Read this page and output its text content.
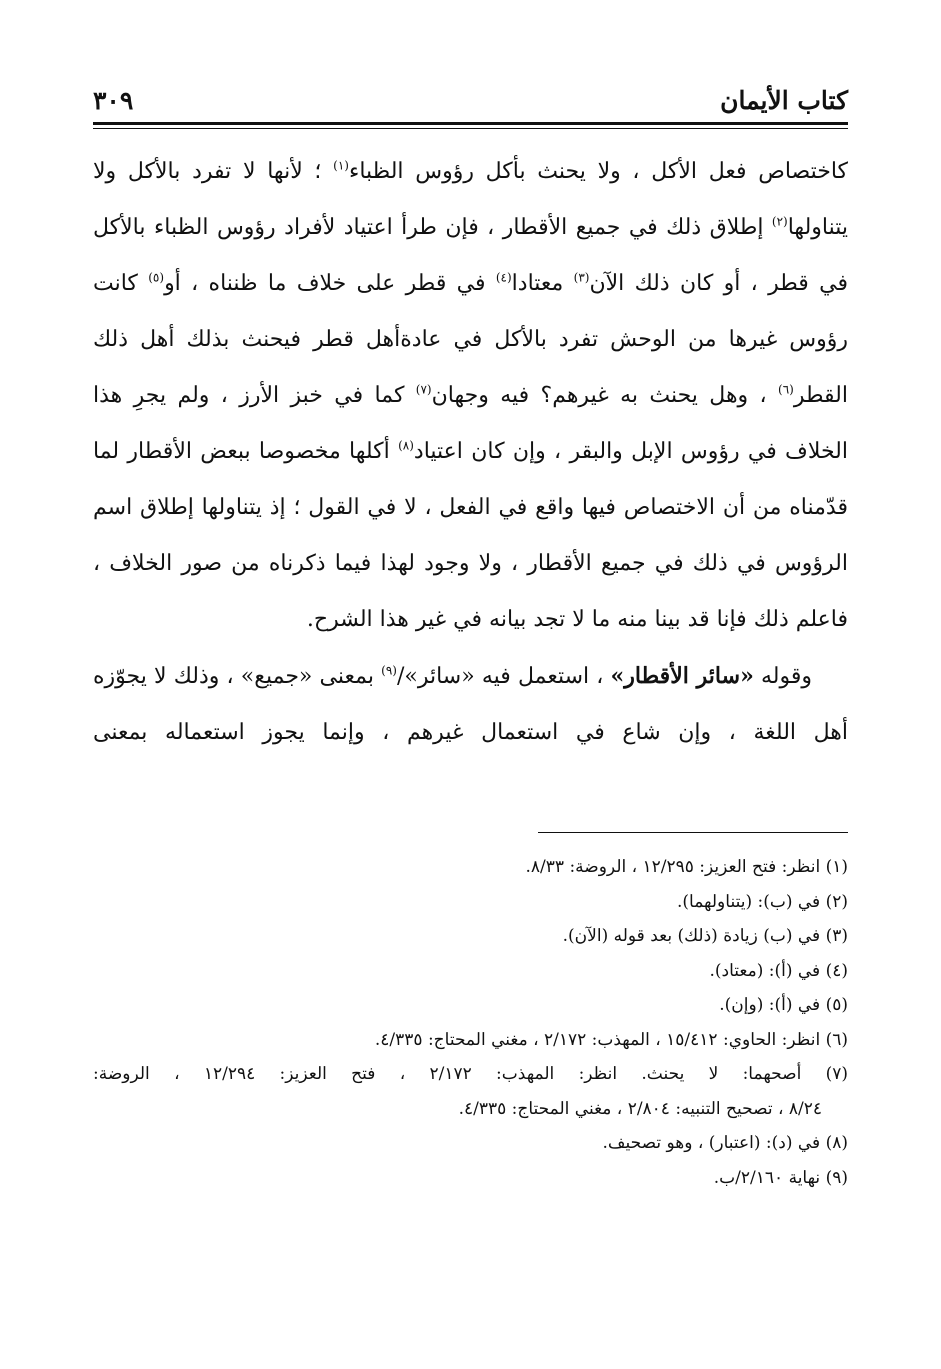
كتاب الأيمان
٣٠٩

كاختصاص فعل الأكل ، ولا يحنث بأكل رؤوس الظباء$^{(١)}$ ؛ لأنها لا تفرد بالأكل ولا يتناولها$^{(٢)}$ إطلاق ذلك في جميع الأقطار ، فإن طرأ اعتياد لأفراد رؤوس الظباء بالأكل في قطر ، أو كان ذلك الآن$^{(٣)}$ معتادا$^{(٤)}$ في قطر على خلاف ما ظنناه ، أو$^{(٥)}$ كانت رؤوس غيرها من الوحش تفرد بالأكل في عادةأهل قطر فيحنث بذلك أهل ذلك القطر$^{(٦)}$ ، وهل يحنث به غيرهم؟ فيه وجهان$^{(٧)}$ كما في خبز الأرز ، ولم يجرِ هذا الخلاف في رؤوس الإبل والبقر ، وإن كان اعتياد$^{(٨)}$ أكلها مخصوصا ببعض الأقطار لما قدّمناه من أن الاختصاص فيها واقع في الفعل ، لا في القول ؛ إذ يتناولها إطلاق اسم الرؤوس في ذلك في جميع الأقطار ، ولا وجود لهذا فيما ذكرناه من صور الخلاف ، فاعلم ذلك فإنا قد بينا منه ما لا تجد بيانه في غير هذا الشرح.

وقوله «سائر الأقطار» ، استعمل فيه «سائر»/$^{(٩)}$ بمعنى «جميع» ، وذلك لا يجوّزه أهل اللغة ، وإن شاع في استعمال غيرهم ، وإنما يجوز استعماله بمعنى

(١) انظر: فتح العزيز: ١٢/٢٩٥ ، الروضة: ٨/٣٣.

(٢) في (ب): (يتناولهما).

(٣) في (ب) زيادة (ذلك) بعد قوله (الآن).

(٤) في (أ): (معتاد).

(٥) في (أ): (وإن).

(٦) انظر: الحاوي: ١٥/٤١٢ ، المهذب: ٢/١٧٢ ، مغني المحتاج: ٤/٣٣٥.

(٧) أصحهما: لا يحنث. انظر: المهذب: ٢/١٧٢ ، فتح العزيز: ١٢/٢٩٤ ، الروضة:

٨/٢٤ ، تصحيح التنبيه: ٢/٨٠٤ ، مغني المحتاج: ٤/٣٣٥.

(٨) في (د): (اعتبار) ، وهو تصحيف.

(٩) نهاية ٢/١٦٠/ب.
